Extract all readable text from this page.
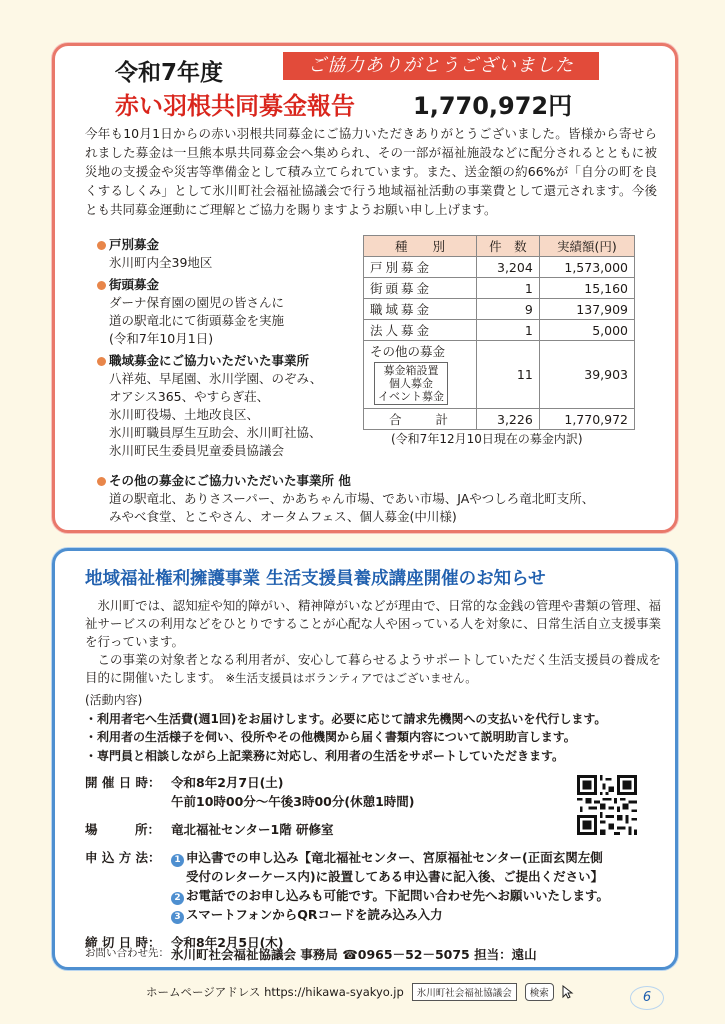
令和7年度	ご協力ありがとうございました
赤い羽根共同募金報告 1,770,972円

今年も10月1日からの赤い羽根共同募金にご協力いただきありがとうございました。皆様から寄せられました募金は一旦熊本県共同募金会へ集められ、その一部が福祉施設などに配分されるとともに被災地の支援金や災害等準備金として積み立てられています。また、送金額の約66%が「自分の町を良くするしくみ」として氷川町社会福祉協議会で行う地域福祉活動の事業費として還元されます。今後とも共同募金運動にご理解とご協力を賜りますようお願い申し上げます。

戸別募金
氷川町内全39地区
街頭募金
ダーナ保育園の園児の皆さんに
道の駅竜北にて街頭募金を実施
(令和7年10月1日)
職域募金にご協力いただいた事業所
八祥苑、早尾園、氷川学園、のぞみ、
オアシス365、やすらぎ荘、
氷川町役場、土地改良区、
氷川町職員厚生互助会、氷川町社協、
氷川町民生委員児童委員協議会
種　　別	件　数	実績額(円)
戸別募金	3,204	1,573,000
街頭募金	1	15,160
職域募金	9	137,909
法人募金	1	5,000

その他の募金
募金箱設置
個人募金
イベント募金	11	39,903
合　　計	3,226	1,770,972
(令和7年12月10日現在の募金内訳)
その他の募金にご協力いただいた事業所 他
道の駅竜北、ありさスーパー、かあちゃん市場、であい市場、JAやつしろ竜北町支所、
みやべ食堂、とこやさん、オータムフェス、個人募金(中川様)
地域福祉権利擁護事業 生活支援員養成講座開催のお知らせ

氷川町では、認知症や知的障がい、精神障がいなどが理由で、日常的な金銭の管理や書類の管理、福祉サービスの利用などをひとりですることが心配な人や困っている人を対象に、日常生活自立支援事業を行っています。

この事業の対象者となる利用者が、安心して暮らせるようサポートしていただく生活支援員の養成を目的に開催いたします。 ※生活支援員はボランティアではございません。

(活動内容)
・利用者宅へ生活費(週1回)をお届けします。必要に応じて請求先機関への支払いを代行します。
・利用者の生活様子を伺い、役所やその他機関から届く書類内容について説明助言します。
・専門員と相談しながら上記業務に対応し、利用者の生活をサポートしていただきます。
開 催 日 時： 令和8年2月7日(土)
午前10時00分～午後3時00分(休憩1時間)
場　　　所： 竜北福祉センター1階 研修室
申 込 方 法：	1 申込書での申し込み【竜北福祉センター、宮原福祉センター(正面玄関左側
受付のレターケース内)に設置してある申込書に記入後、ご提出ください】
2 お電話でのお申し込みも可能です。下記問い合わせ先へお願いいたします。
3 スマートフォンからQRコードを読み込み入力
締 切 日 時： 令和8年2月5日(木)
お問い合わせ先： 氷川町社会福祉協議会 事務局 ☎0965－52－5075 担当：遠山
ホームページアドレス https://hikawa-syakyo.jp	氷川町社会福祉協議会	検索	6
